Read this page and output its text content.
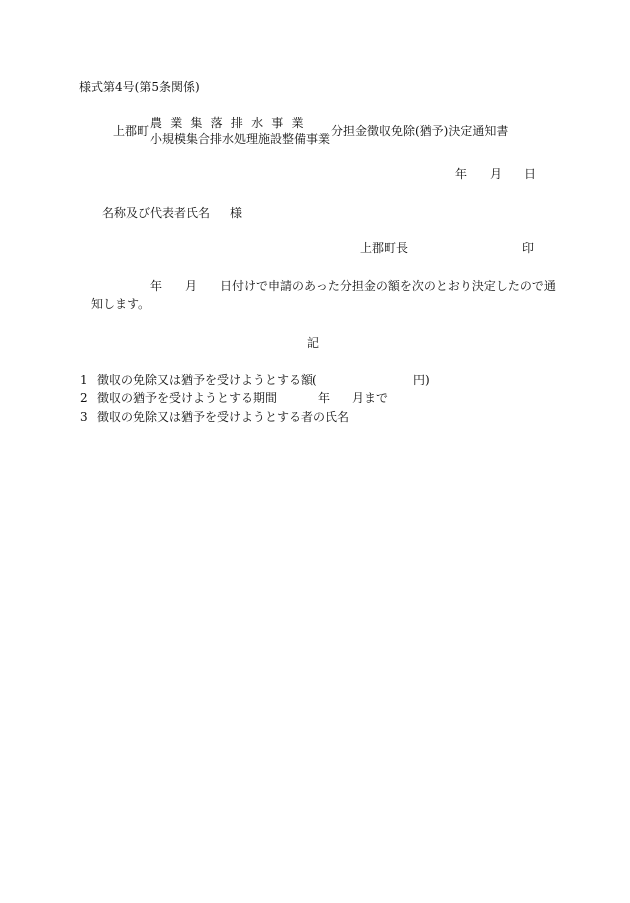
様式第4号(第5条関係)
上郡町
農 業 集 落 排 水 事 業
小規模集合排水処理施設整備事業
分担金徴収免除(猶予)決定通知書
年 月 日
名称及び代表者氏名 様
上郡町長	印
年 月 日付けで申請のあった分担金の額を次のとおり決定したので通
知します。
記
1 徴収の免除又は猶予を受けようとする額
(	円)
2 徴収の猶予を受けようとする期間	年 月まで
3 徴収の免除又は猶予を受けようとする者の氏名
